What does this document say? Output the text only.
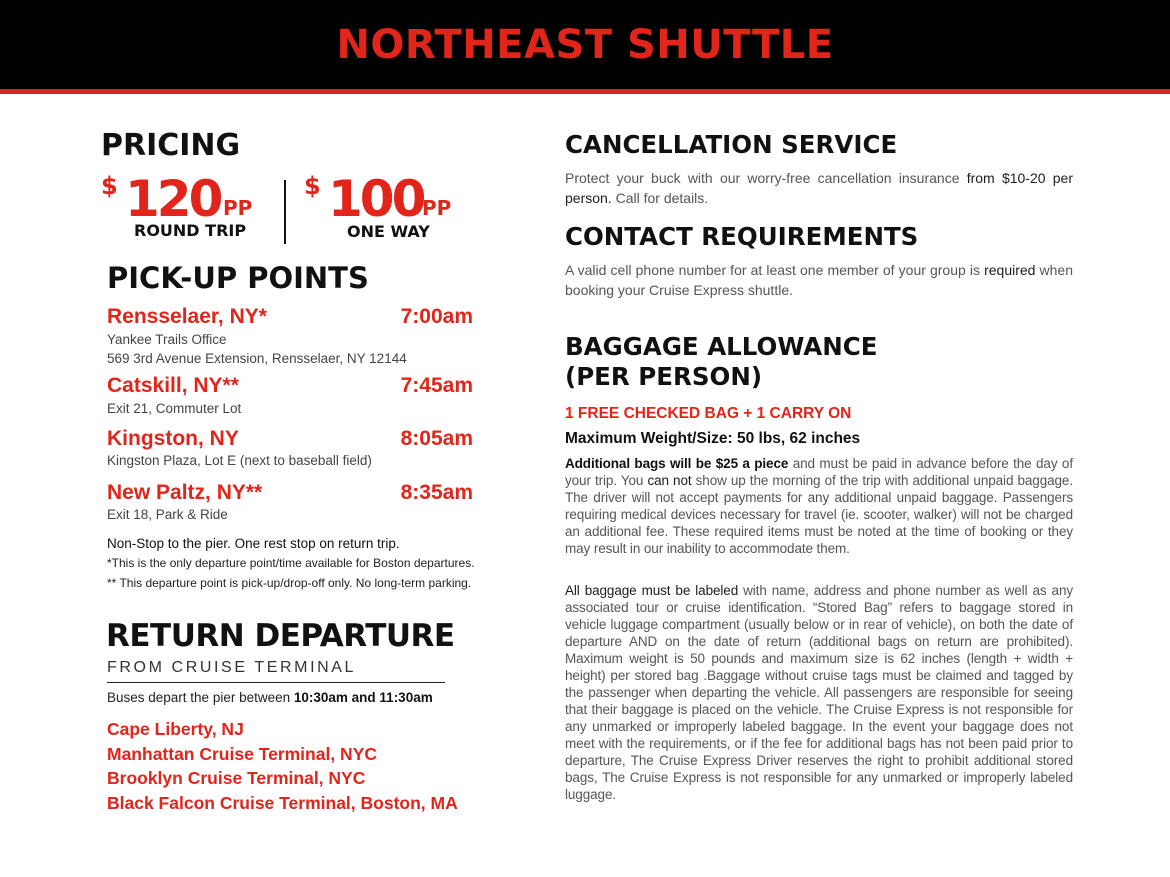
NORTHEAST SHUTTLE
PRICING
$ 120 PP
ROUND TRIP
$ 100
PP
ONE WAY
PICK-UP POINTS
Rensselaer, NY*	7:00am
Yankee Trails Office
569 3rd Avenue Extension, Rensselaer, NY 12144
Catskill, NY**	7:45am
Exit 21, Commuter Lot
Kingston, NY	8:05am
Kingston Plaza, Lot E (next to baseball field)
New Paltz, NY**	8:35am
Exit 18, Park & Ride
Non-Stop to the pier. One rest stop on return trip.
*This is the only departure point/time available for Boston departures.
** This departure point is pick-up/drop-off only. No long-term parking.
RETURN DEPARTURE
FROM CRUISE TERMINAL
Buses depart the pier between 10:30am and 11:30am
Cape Liberty, NJ
Manhattan Cruise Terminal, NYC
Brooklyn Cruise Terminal, NYC
Black Falcon Cruise Terminal, Boston, MA
CANCELLATION SERVICE
Protect your buck with our worry-free cancellation insurance from $10-20 per person. Call for details.
CONTACT REQUIREMENTS
A valid cell phone number for at least one member of your group is required when booking your Cruise Express shuttle.
BAGGAGE ALLOWANCE
(PER PERSON)
1 FREE CHECKED BAG + 1 CARRY ON
Maximum Weight/Size: 50 lbs, 62 inches
Additional bags will be $25 a piece and must be paid in advance before the day of your trip. You can not show up the morning of the trip with additional unpaid baggage. The driver will not accept payments for any additional unpaid baggage. Passengers requiring medical devices necessary for travel (ie. scooter, walker) will not be charged an additional fee. These required items must be noted at the time of booking or they may result in our inability to accommodate them.
All baggage must be labeled with name, address and phone number as well as any associated tour or cruise identification. “Stored Bag” refers to baggage stored in vehicle luggage compartment (usually below or in rear of vehicle), on both the date of departure AND on the date of return (additional bags on return are prohibited). Maximum weight is 50 pounds and maximum size is 62 inches (length + width + height) per stored bag .Baggage without cruise tags must be claimed and tagged by the passenger when departing the vehicle. All passengers are responsible for seeing that their baggage is placed on the vehicle. The Cruise Express is not responsible for any unmarked or improperly labeled baggage. In the event your baggage does not meet with the requirements, or if the fee for additional bags has not been paid prior to departure, The Cruise Express Driver reserves the right to prohibit additional stored bags, The Cruise Express is not responsible for any unmarked or improperly labeled luggage.
